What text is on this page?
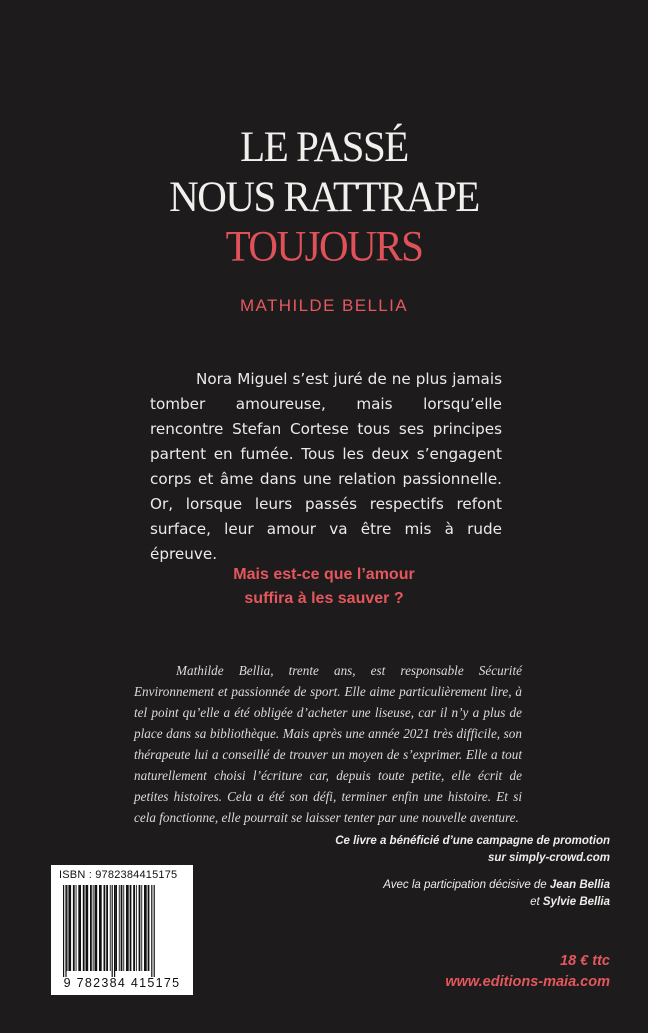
LE PASSÉ
NOUS RATTRAPE
TOUJOURS
MATHILDE BELLIA

Nora Miguel s’est juré de ne plus jamais tomber amoureuse, mais lorsqu’elle rencontre Stefan Cortese tous ses principes partent en fumée. Tous les deux s’engagent corps et âme dans une relation passionnelle. Or, lorsque leurs passés respectifs refont surface, leur amour va être mis à rude épreuve.

Mais est-ce que l’amour
suffira à les sauver ?

Mathilde Bellia, trente ans, est responsable Sécurité Environnement et passionnée de sport. Elle aime particulièrement lire, à tel point qu’elle a été obligée d’acheter une liseuse, car il n’y a plus de place dans sa bibliothèque. Mais après une année 2021 très difficile, son thérapeute lui a conseillé de trouver un moyen de s’exprimer. Elle a tout naturellement choisi l’écriture car, depuis toute petite, elle écrit de petites histoires. Cela a été son défi, terminer enfin une histoire. Et si cela fonctionne, elle pourrait se laisser tenter par une nouvelle aventure.

Ce livre a bénéficié d’une campagne de promotion
sur simply-crowd.com
Avec la participation décisive de Jean Bellia
et Sylvie Bellia
18 € ttc
www.editions-maia.com
ISBN : 9782384415175
9 782384 415175
